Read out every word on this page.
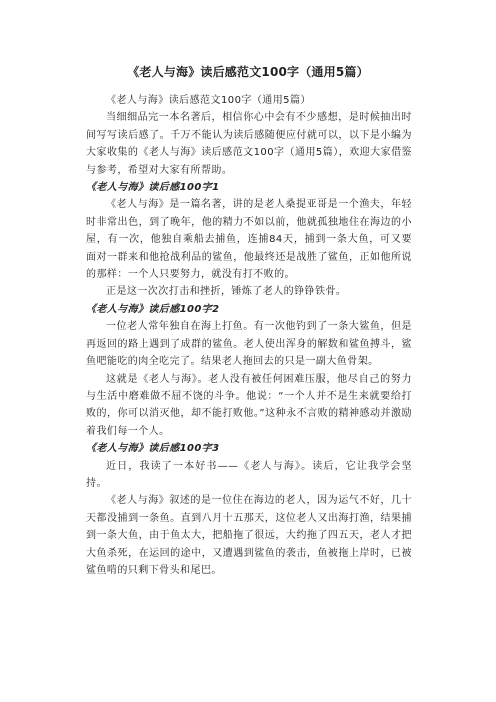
《老人与海》读后感范文100字（通用5篇）

《老人与海》读后感范文100字（通用5篇）

当细细品完一本名著后，相信你心中会有不少感想，是时候抽出时间写写读后感了。千万不能认为读后感随便应付就可以，以下是小编为大家收集的《老人与海》读后感范文100字（通用5篇），欢迎大家借鉴与参考，希望对大家有所帮助。

《老人与海》读后感100字1

《老人与海》是一篇名著，讲的是老人桑提亚哥是一个渔夫，年轻时非常出色，到了晚年，他的精力不如以前，他就孤独地住在海边的小屋，有一次，他独自乘船去捕鱼，连捕84天，捕到一条大鱼，可又要面对一群来和他抢战利品的鲨鱼，他最终还是战胜了鲨鱼，正如他所说的那样：一个人只要努力，就没有打不败的。

正是这一次次打击和挫折，锤炼了老人的铮铮铁骨。

《老人与海》读后感100字2

一位老人常年独自在海上打鱼。有一次他钓到了一条大鲨鱼，但是再返回的路上遇到了成群的鲨鱼。老人使出浑身的解数和鲨鱼搏斗，鲨鱼吧能吃的肉全吃完了。结果老人拖回去的只是一副大鱼骨架。

这就是《老人与海》。老人没有被任何困难压服，他尽自己的努力与生活中磨难做不屈不饶的斗争。他说：“一个人并不是生来就要给打败的，你可以消灭他，却不能打败他。”这种永不言败的精神感动并激励着我们每一个人。

《老人与海》读后感100字3

近日，我读了一本好书——《老人与海》。读后，它让我学会坚持。

《老人与海》叙述的是一位住在海边的老人，因为运气不好，几十天都没捕到一条鱼。直到八月十五那天，这位老人又出海打渔，结果捕到一条大鱼，由于鱼太大，把船拖了很远，大约拖了四五天，老人才把大鱼杀死，在运回的途中，又遭遇到鲨鱼的袭击，鱼被拖上岸时，已被鲨鱼啃的只剩下骨头和尾巴。
